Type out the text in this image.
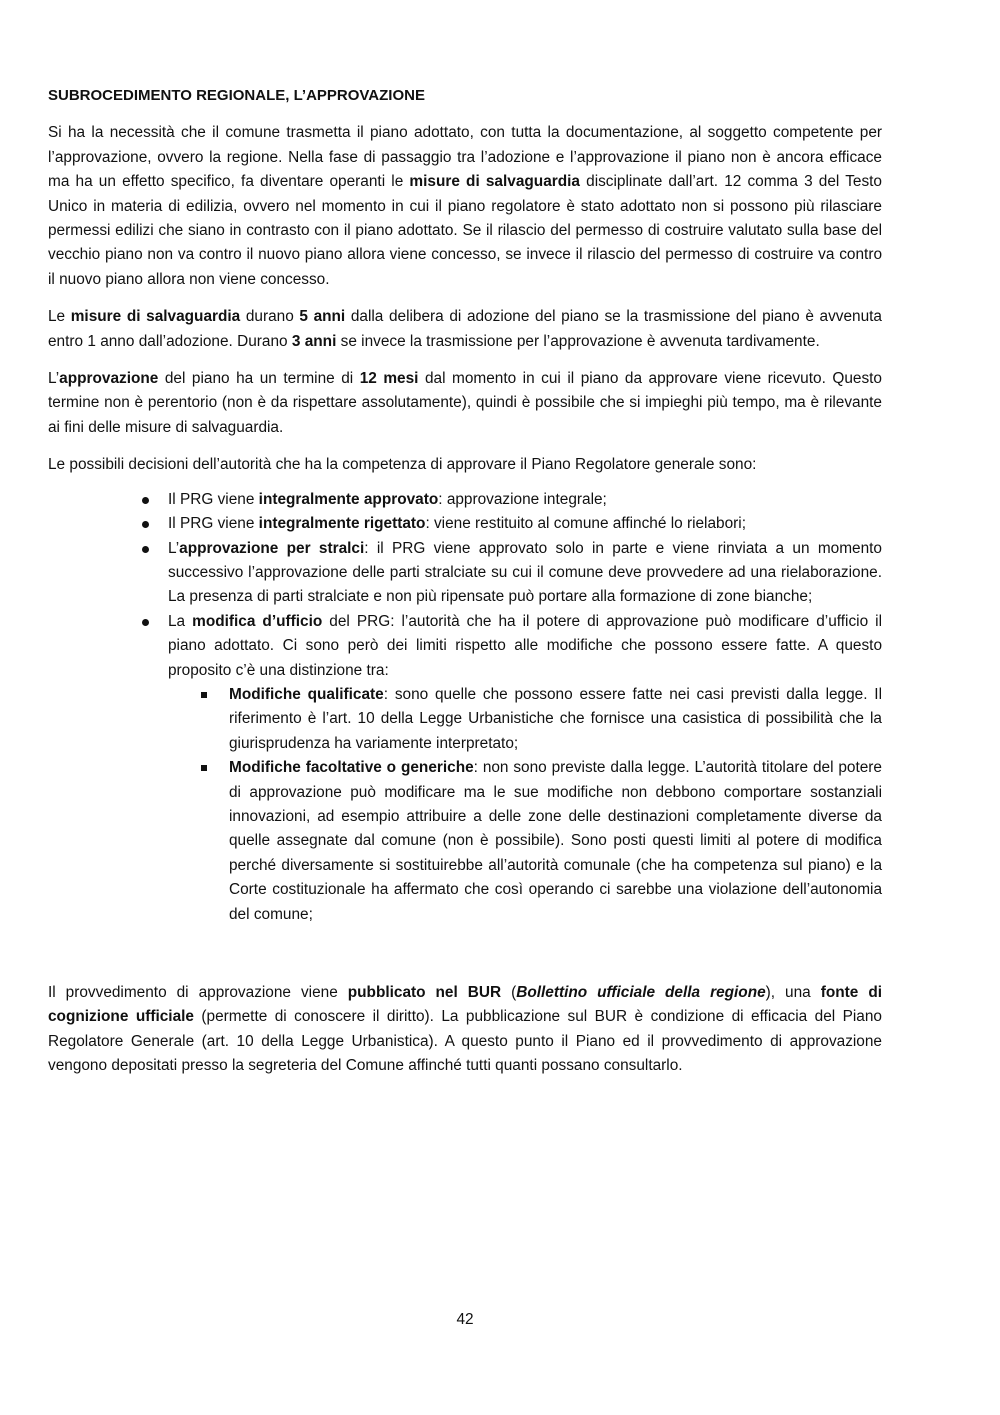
SUBROCEDIMENTO REGIONALE, L’APPROVAZIONE

Si ha la necessità che il comune trasmetta il piano adottato, con tutta la documentazione, al soggetto competente per l’approvazione, ovvero la regione. Nella fase di passaggio tra l’adozione e l’approvazione il piano non è ancora efficace ma ha un effetto specifico, fa diventare operanti le misure di salvaguardia disciplinate dall’art. 12 comma 3 del Testo Unico in materia di edilizia, ovvero nel momento in cui il piano regolatore è stato adottato non si possono più rilasciare permessi edilizi che siano in contrasto con il piano adottato. Se il rilascio del permesso di costruire valutato sulla base del vecchio piano non va contro il nuovo piano allora viene concesso, se invece il rilascio del permesso di costruire va contro il nuovo piano allora non viene concesso.

Le misure di salvaguardia durano 5 anni dalla delibera di adozione del piano se la trasmissione del piano è avvenuta entro 1 anno dall’adozione. Durano 3 anni se invece la trasmissione per l’approvazione è avvenuta tardivamente.

L’approvazione del piano ha un termine di 12 mesi dal momento in cui il piano da approvare viene ricevuto. Questo termine non è perentorio (non è da rispettare assolutamente), quindi è possibile che si impieghi più tempo, ma è rilevante ai fini delle misure di salvaguardia.

Le possibili decisioni dell’autorità che ha la competenza di approvare il Piano Regolatore generale sono:

Il PRG viene integralmente approvato: approvazione integrale;
Il PRG viene integralmente rigettato: viene restituito al comune affinché lo rielabori;
L’approvazione per stralci: il PRG viene approvato solo in parte e viene rinviata a un momento successivo l’approvazione delle parti stralciate su cui il comune deve provvedere ad una rielaborazione. La presenza di parti stralciate e non più ripensate può portare alla formazione di zone bianche;
La modifica d’ufficio del PRG: l’autorità che ha il potere di approvazione può modificare d’ufficio il piano adottato. Ci sono però dei limiti rispetto alle modifiche che possono essere fatte. A questo proposito c’è una distinzione tra:
Modifiche qualificate: sono quelle che possono essere fatte nei casi previsti dalla legge. Il riferimento è l’art. 10 della Legge Urbanistiche che fornisce una casistica di possibilità che la giurisprudenza ha variamente interpretato;
Modifiche facoltative o generiche: non sono previste dalla legge. L’autorità titolare del potere di approvazione può modificare ma le sue modifiche non debbono comportare sostanziali innovazioni, ad esempio attribuire a delle zone delle destinazioni completamente diverse da quelle assegnate dal comune (non è possibile). Sono posti questi limiti al potere di modifica perché diversamente si sostituirebbe all’autorità comunale (che ha competenza sul piano) e la Corte costituzionale ha affermato che così operando ci sarebbe una violazione dell’autonomia del comune;

Il provvedimento di approvazione viene pubblicato nel BUR (Bollettino ufficiale della regione), una fonte di cognizione ufficiale (permette di conoscere il diritto). La pubblicazione sul BUR è condizione di efficacia del Piano Regolatore Generale (art. 10 della Legge Urbanistica). A questo punto il Piano ed il provvedimento di approvazione vengono depositati presso la segreteria del Comune affinché tutti quanti possano consultarlo.

42
